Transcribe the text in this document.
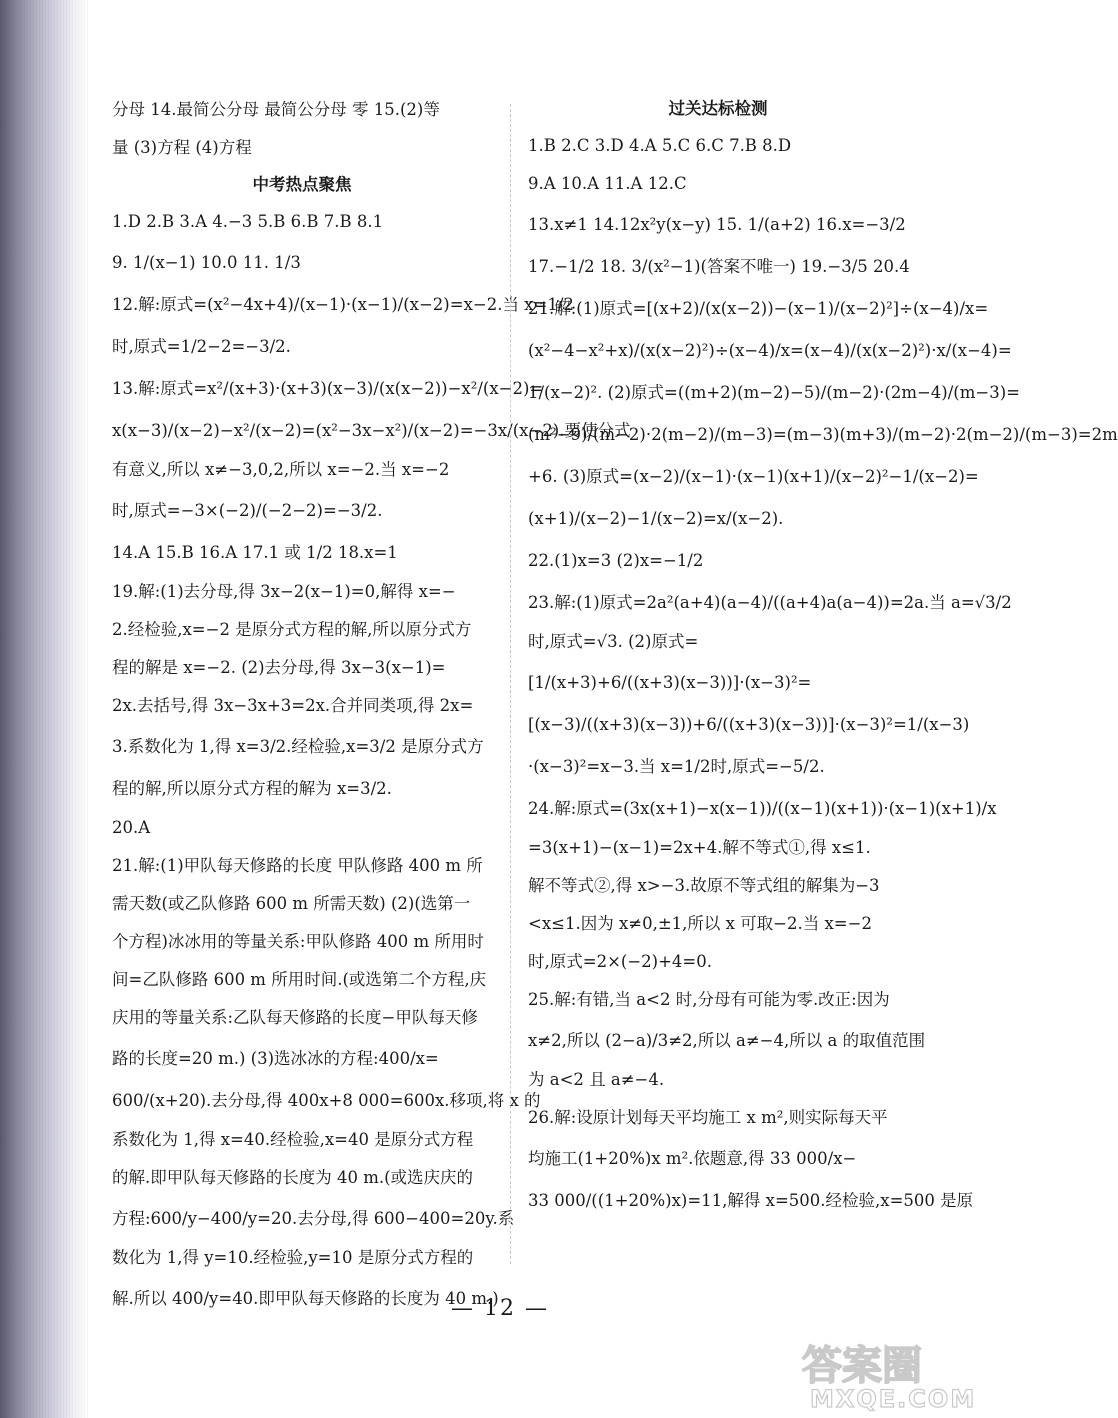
分母 14.最简公分母 最简公分母 零 15.(2)等
量 (3)方程 (4)方程
中考热点聚焦
1.D 2.B 3.A 4.−3 5.B 6.B 7.B 8.1
9. 1/(x−1) 10.0 11. 1/3
12.解:原式=(x²−4x+4)/(x−1)·(x−1)/(x−2)=x−2.当 x=1/2
时,原式=1/2−2=−3/2.
13.解:原式=x²/(x+3)·(x+3)(x−3)/(x(x−2))−x²/(x−2)=
x(x−3)/(x−2)−x²/(x−2)=(x²−3x−x²)/(x−2)=−3x/(x−2).要使分式
有意义,所以 x≠−3,0,2,所以 x=−2.当 x=−2
时,原式=−3×(−2)/(−2−2)=−3/2.
14.A 15.B 16.A 17.1 或 1/2 18.x=1
19.解:(1)去分母,得 3x−2(x−1)=0,解得 x=−
2.经检验,x=−2 是原分式方程的解,所以原分式方
程的解是 x=−2. (2)去分母,得 3x−3(x−1)=
2x.去括号,得 3x−3x+3=2x.合并同类项,得 2x=
3.系数化为 1,得 x=3/2.经检验,x=3/2 是原分式方
程的解,所以原分式方程的解为 x=3/2.
20.A
21.解:(1)甲队每天修路的长度 甲队修路 400 m 所
需天数(或乙队修路 600 m 所需天数) (2)(选第一
个方程)冰冰用的等量关系:甲队修路 400 m 所用时
间=乙队修路 600 m 所用时间.(或选第二个方程,庆
庆用的等量关系:乙队每天修路的长度−甲队每天修
路的长度=20 m.) (3)选冰冰的方程:400/x=
600/(x+20).去分母,得 400x+8 000=600x.移项,将 x 的
系数化为 1,得 x=40.经检验,x=40 是原分式方程
的解.即甲队每天修路的长度为 40 m.(或选庆庆的
方程:600/y−400/y=20.去分母,得 600−400=20y.系
数化为 1,得 y=10.经检验,y=10 是原分式方程的
解.所以 400/y=40.即甲队每天修路的长度为 40 m.)
过关达标检测
1.B 2.C 3.D 4.A 5.C 6.C 7.B 8.D
9.A 10.A 11.A 12.C
13.x≠1 14.12x²y(x−y) 15. 1/(a+2) 16.x=−3/2
17.−1/2 18. 3/(x²−1)(答案不唯一) 19.−3/5 20.4
21.解:(1)原式=[(x+2)/(x(x−2))−(x−1)/(x−2)²]÷(x−4)/x=
(x²−4−x²+x)/(x(x−2)²)÷(x−4)/x=(x−4)/(x(x−2)²)·x/(x−4)=
1/(x−2)². (2)原式=((m+2)(m−2)−5)/(m−2)·(2m−4)/(m−3)=
(m²−9)/(m−2)·2(m−2)/(m−3)=(m−3)(m+3)/(m−2)·2(m−2)/(m−3)=2m
+6. (3)原式=(x−2)/(x−1)·(x−1)(x+1)/(x−2)²−1/(x−2)=
(x+1)/(x−2)−1/(x−2)=x/(x−2).
22.(1)x=3 (2)x=−1/2
23.解:(1)原式=2a²(a+4)(a−4)/((a+4)a(a−4))=2a.当 a=√3/2
时,原式=√3. (2)原式=
[1/(x+3)+6/((x+3)(x−3))]·(x−3)²=
[(x−3)/((x+3)(x−3))+6/((x+3)(x−3))]·(x−3)²=1/(x−3)
·(x−3)²=x−3.当 x=1/2时,原式=−5/2.
24.解:原式=(3x(x+1)−x(x−1))/((x−1)(x+1))·(x−1)(x+1)/x
=3(x+1)−(x−1)=2x+4.解不等式①,得 x≤1.
解不等式②,得 x>−3.故原不等式组的解集为−3
<x≤1.因为 x≠0,±1,所以 x 可取−2.当 x=−2
时,原式=2×(−2)+4=0.
25.解:有错,当 a<2 时,分母有可能为零.改正:因为
x≠2,所以 (2−a)/3≠2,所以 a≠−4,所以 a 的取值范围
为 a<2 且 a≠−4.
26.解:设原计划每天平均施工 x m²,则实际每天平
均施工(1+20%)x m².依题意,得 33 000/x−
33 000/((1+20%)x)=11,解得 x=500.经检验,x=500 是原
— 12 —
答案圈
MXQE.COM
